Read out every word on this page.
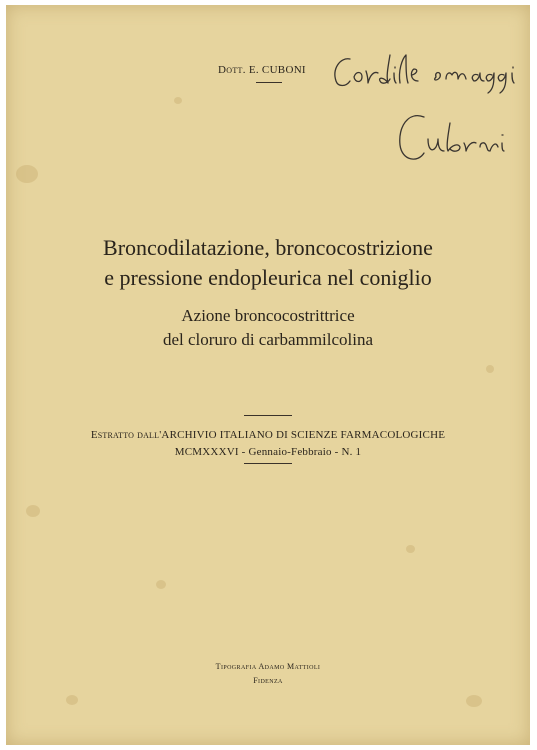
Dott. E. CUBONI
Broncodilatazione, broncocostrizione
e pressione endopleurica nel coniglio
Azione broncocostrittrice
del cloruro di carbammilcolina
Estratto dall'ARCHIVIO ITALIANO DI SCIENZE FARMACOLOGICHE
MCMXXXVI - Gennaio-Febbraio - N. 1
Tipografia Adamo Mattioli
Fidenza
